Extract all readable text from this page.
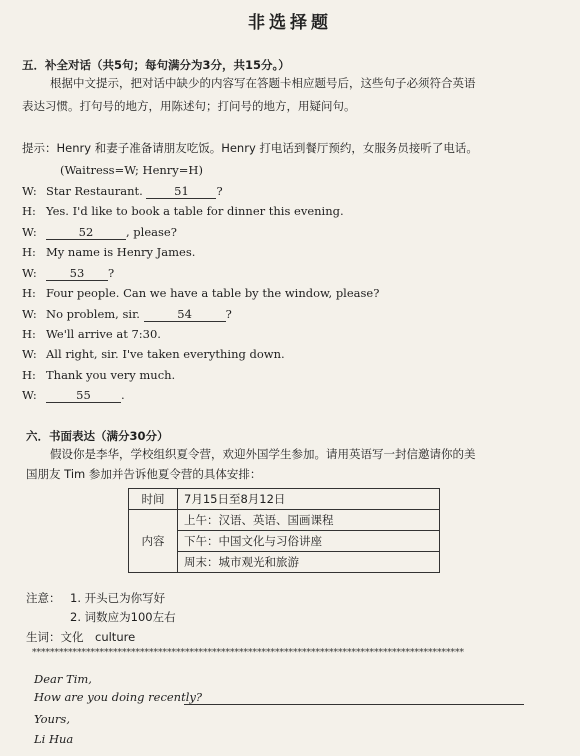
非选择题
五．补全对话（共5句；每句满分为3分，共15分。）
根据中文提示，把对话中缺少的内容写在答题卡相应题号后，这些句子必须符合英语
表达习惯。打句号的地方，用陈述句；打问号的地方，用疑问句。
提示：Henry 和妻子准备请朋友吃饭。Henry 打电话到餐厅预约，女服务员接听了电话。
(Waitress=W; Henry=H)
W: Star Restaurant. 51 ?
H: Yes. I'd like to book a table for dinner this evening.
W:	52	, please?
H: My name is Henry James.
W:	53 ?
H: Four people. Can we have a table by the window, please?
W: No problem, sir.	54	?
H: We'll arrive at 7:30.
W: All right, sir. I've taken everything down.
H: Thank you very much.
W:	55	.
六．书面表达（满分30分）
假设你是李华，学校组织夏令营，欢迎外国学生参加。请用英语写一封信邀请你的美
国朋友 Tim 参加并告诉他夏令营的具体安排：
时间	7月15日至8月12日
内容	上午：汉语、英语、国画课程
	下午：中国文化与习俗讲座
	周末：城市观光和旅游
注意： 1. 开头已为你写好
2. 词数应为100左右
生词：文化　culture
************************************************************************************************
Dear Tim,
How are you doing recently?
Yours,
Li Hua
